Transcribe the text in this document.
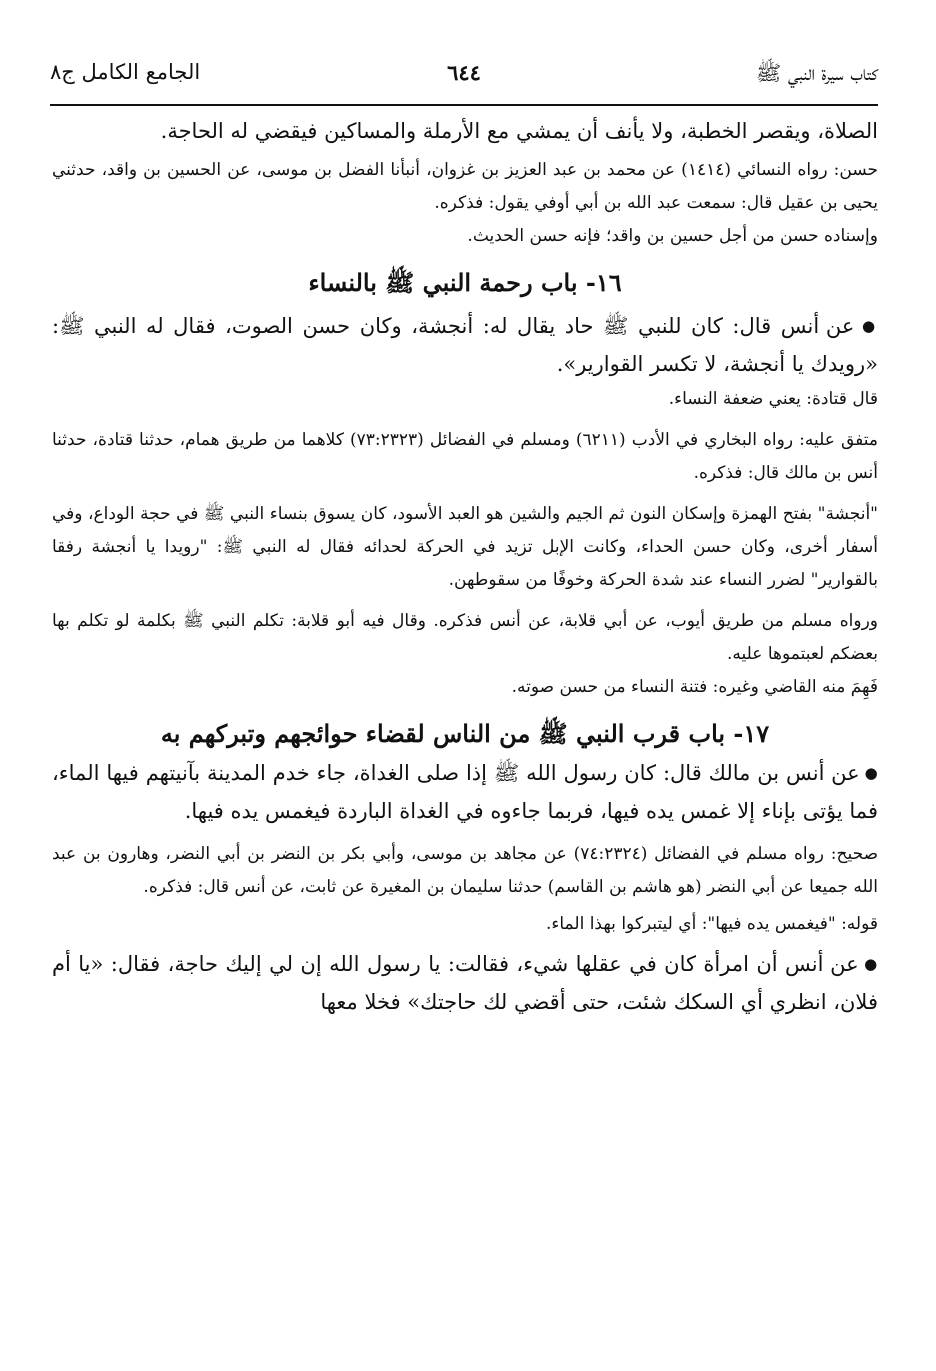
كتاب سيرة النبي ﷺ
٦٤٤
الجامع الكامل ج٨

الصلاة، ويقصر الخطبة، ولا يأنف أن يمشي مع الأرملة والمساكين فيقضي له الحاجة.

حسن: رواه النسائي (١٤١٤) عن محمد بن عبد العزيز بن غزوان، أنبأنا الفضل بن موسى، عن الحسين بن واقد، حدثني يحيى بن عقيل قال: سمعت عبد الله بن أبي أوفي يقول: فذكره.

وإسناده حسن من أجل حسين بن واقد؛ فإنه حسن الحديث.

١٦- باب رحمة النبي ﷺ بالنساء

● عن أنس قال: كان للنبي ﷺ حاد يقال له: أنجشة، وكان حسن الصوت، فقال له النبي ﷺ: «رويدك يا أنجشة، لا تكسر القوارير».

قال قتادة: يعني ضعفة النساء.

متفق عليه: رواه البخاري في الأدب (٦٢١١) ومسلم في الفضائل (٧٣:٢٣٢٣) كلاهما من طريق همام، حدثنا قتادة، حدثنا أنس بن مالك قال: فذكره.

"أنجشة" بفتح الهمزة وإسكان النون ثم الجيم والشين هو العبد الأسود، كان يسوق بنساء النبي ﷺ في حجة الوداع، وفي أسفار أخرى، وكان حسن الحداء، وكانت الإبل تزيد في الحركة لحدائه فقال له النبي ﷺ: "رويدا يا أنجشة رفقا بالقوارير" لضرر النساء عند شدة الحركة وخوفًا من سقوطهن.

ورواه مسلم من طريق أيوب، عن أبي قلابة، عن أنس فذكره. وقال فيه أبو قلابة: تكلم النبي ﷺ بكلمة لو تكلم بها بعضكم لعبتموها عليه.

فَهِمَ منه القاضي وغيره: فتنة النساء من حسن صوته.

١٧- باب قرب النبي ﷺ من الناس لقضاء حوائجهم وتبركهم به

● عن أنس بن مالك قال: كان رسول الله ﷺ إذا صلى الغداة، جاء خدم المدينة بآنيتهم فيها الماء، فما يؤتى بإناء إلا غمس يده فيها، فربما جاءوه في الغداة الباردة فيغمس يده فيها.

صحيح: رواه مسلم في الفضائل (٧٤:٢٣٢٤) عن مجاهد بن موسى، وأبي بكر بن النضر بن أبي النضر، وهارون بن عبد الله جميعا عن أبي النضر (هو هاشم بن القاسم) حدثنا سليمان بن المغيرة عن ثابت، عن أنس قال: فذكره.

قوله: "فيغمس يده فيها": أي ليتبركوا بهذا الماء.

● عن أنس أن امرأة كان في عقلها شيء، فقالت: يا رسول الله إن لي إليك حاجة، فقال: «يا أم فلان، انظري أي السكك شئت، حتى أقضي لك حاجتك» فخلا معها
